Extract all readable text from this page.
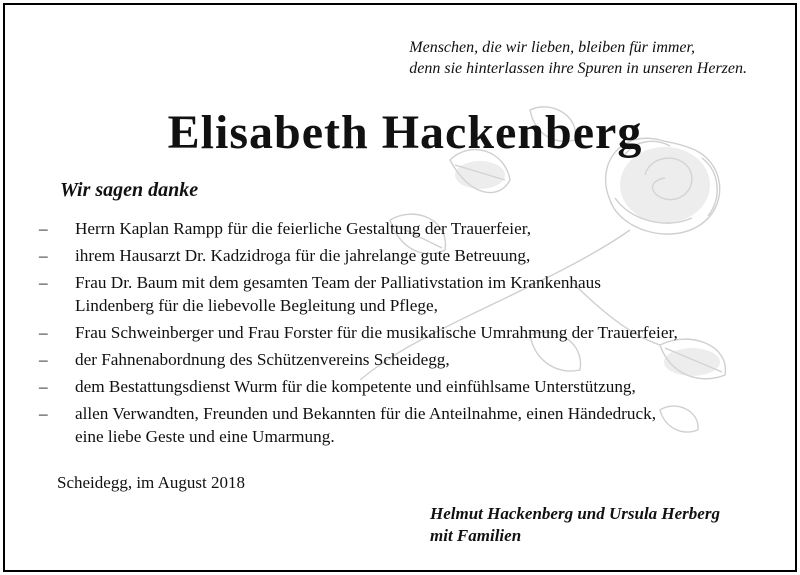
Menschen, die wir lieben, bleiben für immer,
denn sie hinterlassen ihre Spuren in unseren Herzen.
Elisabeth Hackenberg
Wir sagen danke
– Herrn Kaplan Rampp für die feierliche Gestaltung der Trauerfeier,
– ihrem Hausarzt Dr. Kadzidroga für die jahrelange gute Betreuung,
– Frau Dr. Baum mit dem gesamten Team der Palliativstation im Krankenhaus
Lindenberg für die liebevolle Begleitung und Pflege,
– Frau Schweinberger und Frau Forster für die musikalische Umrahmung der Trauerfeier,
– der Fahnenabordnung des Schützenvereins Scheidegg,
– dem Bestattungsdienst Wurm für die kompetente und einfühlsame Unterstützung,
– allen Verwandten, Freunden und Bekannten für die Anteilnahme, einen Händedruck,
eine liebe Geste und eine Umarmung.
Scheidegg, im August 2018
Helmut Hackenberg und Ursula Herberg
mit Familien
